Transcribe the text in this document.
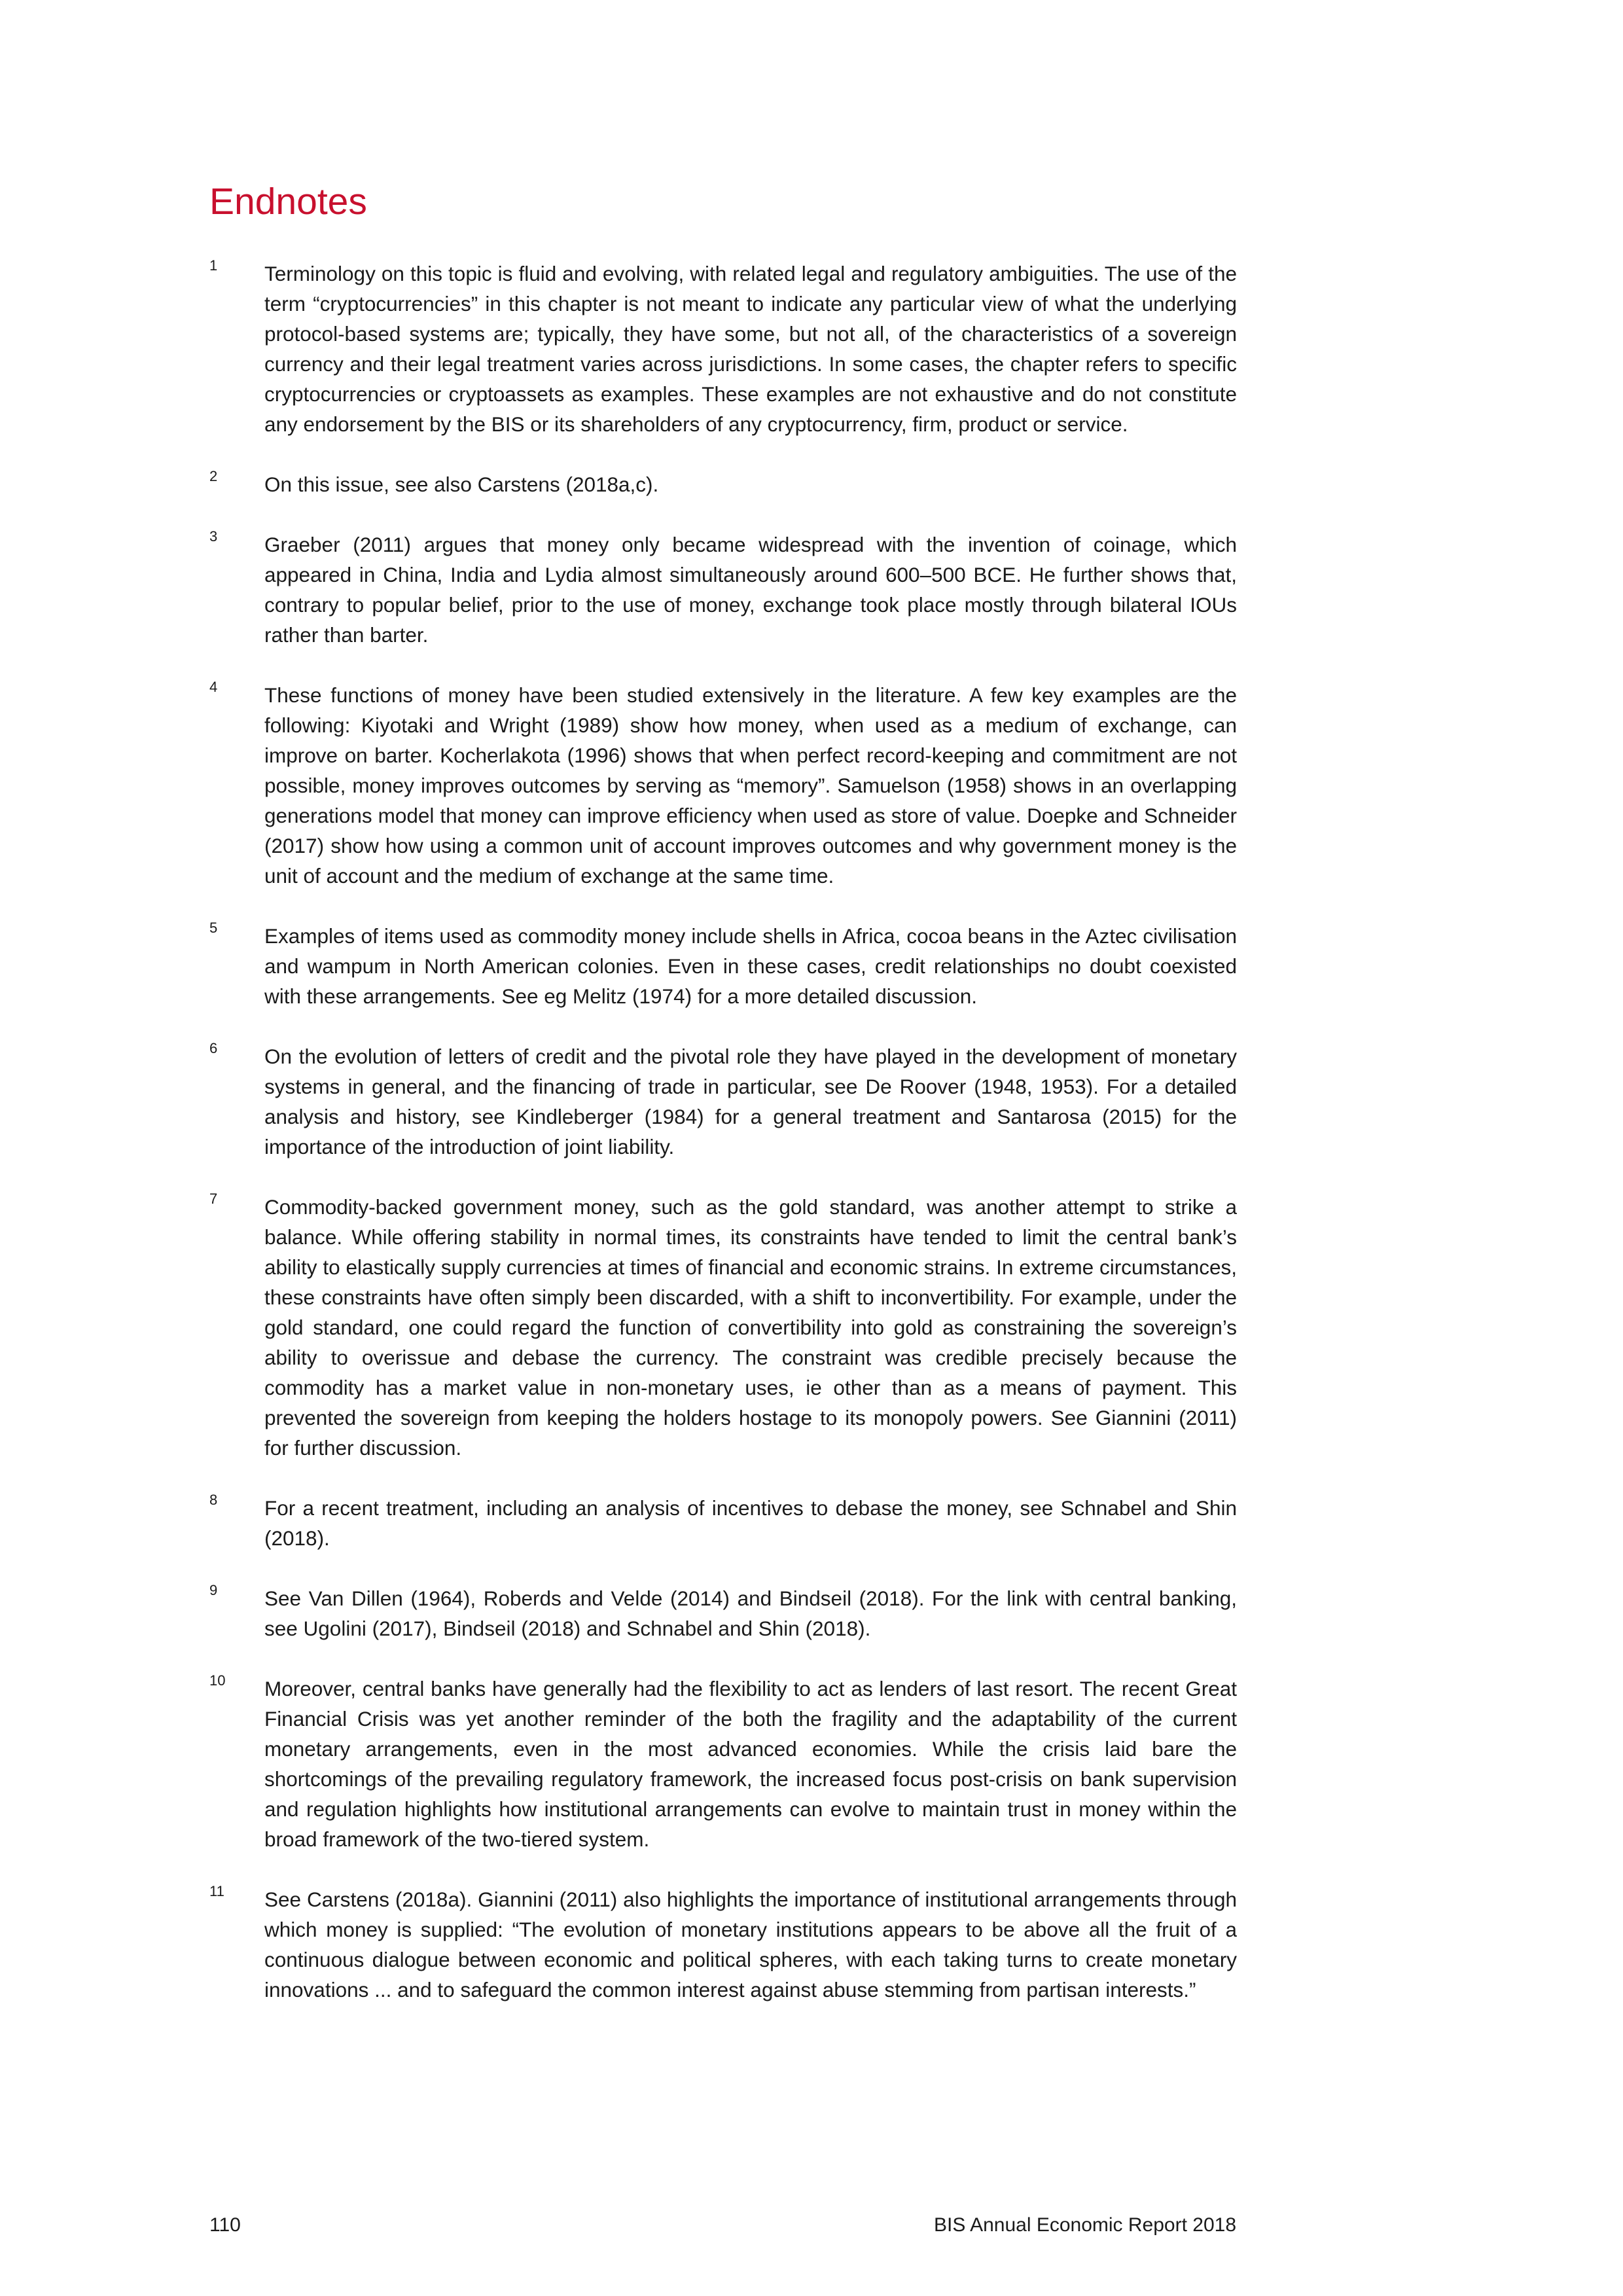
Endnotes
1 Terminology on this topic is fluid and evolving, with related legal and regulatory ambiguities. The use of the term “cryptocurrencies” in this chapter is not meant to indicate any particular view of what the underlying protocol-based systems are; typically, they have some, but not all, of the characteristics of a sovereign currency and their legal treatment varies across jurisdictions. In some cases, the chapter refers to specific cryptocurrencies or cryptoassets as examples. These examples are not exhaustive and do not constitute any endorsement by the BIS or its shareholders of any cryptocurrency, firm, product or service.

2 On this issue, see also Carstens (2018a,c).

3 Graeber (2011) argues that money only became widespread with the invention of coinage, which appeared in China, India and Lydia almost simultaneously around 600–500 BCE. He further shows that, contrary to popular belief, prior to the use of money, exchange took place mostly through bilateral IOUs rather than barter.

4 These functions of money have been studied extensively in the literature. A few key examples are the following: Kiyotaki and Wright (1989) show how money, when used as a medium of exchange, can improve on barter. Kocherlakota (1996) shows that when perfect record-keeping and commitment are not possible, money improves outcomes by serving as “memory”. Samuelson (1958) shows in an overlapping generations model that money can improve efficiency when used as store of value. Doepke and Schneider (2017) show how using a common unit of account improves outcomes and why government money is the unit of account and the medium of exchange at the same time.

5 Examples of items used as commodity money include shells in Africa, cocoa beans in the Aztec civilisation and wampum in North American colonies. Even in these cases, credit relationships no doubt coexisted with these arrangements. See eg Melitz (1974) for a more detailed discussion.

6 On the evolution of letters of credit and the pivotal role they have played in the development of monetary systems in general, and the financing of trade in particular, see De Roover (1948, 1953). For a detailed analysis and history, see Kindleberger (1984) for a general treatment and Santarosa (2015) for the importance of the introduction of joint liability.

7 Commodity-backed government money, such as the gold standard, was another attempt to strike a balance. While offering stability in normal times, its constraints have tended to limit the central bank’s ability to elastically supply currencies at times of financial and economic strains. In extreme circumstances, these constraints have often simply been discarded, with a shift to inconvertibility. For example, under the gold standard, one could regard the function of convertibility into gold as constraining the sovereign’s ability to overissue and debase the currency. The constraint was credible precisely because the commodity has a market value in non-monetary uses, ie other than as a means of payment. This prevented the sovereign from keeping the holders hostage to its monopoly powers. See Giannini (2011) for further discussion.

8 For a recent treatment, including an analysis of incentives to debase the money, see Schnabel and Shin (2018).

9 See Van Dillen (1964), Roberds and Velde (2014) and Bindseil (2018). For the link with central banking, see Ugolini (2017), Bindseil (2018) and Schnabel and Shin (2018).

10 Moreover, central banks have generally had the flexibility to act as lenders of last resort. The recent Great Financial Crisis was yet another reminder of the both the fragility and the adaptability of the current monetary arrangements, even in the most advanced economies. While the crisis laid bare the shortcomings of the prevailing regulatory framework, the increased focus post-crisis on bank supervision and regulation highlights how institutional arrangements can evolve to maintain trust in money within the broad framework of the two-tiered system.

11 See Carstens (2018a). Giannini (2011) also highlights the importance of institutional arrangements through which money is supplied: “The evolution of monetary institutions appears to be above all the fruit of a continuous dialogue between economic and political spheres, with each taking turns to create monetary innovations ... and to safeguard the common interest against abuse stemming from partisan interests.”

110	BIS Annual Economic Report 2018
